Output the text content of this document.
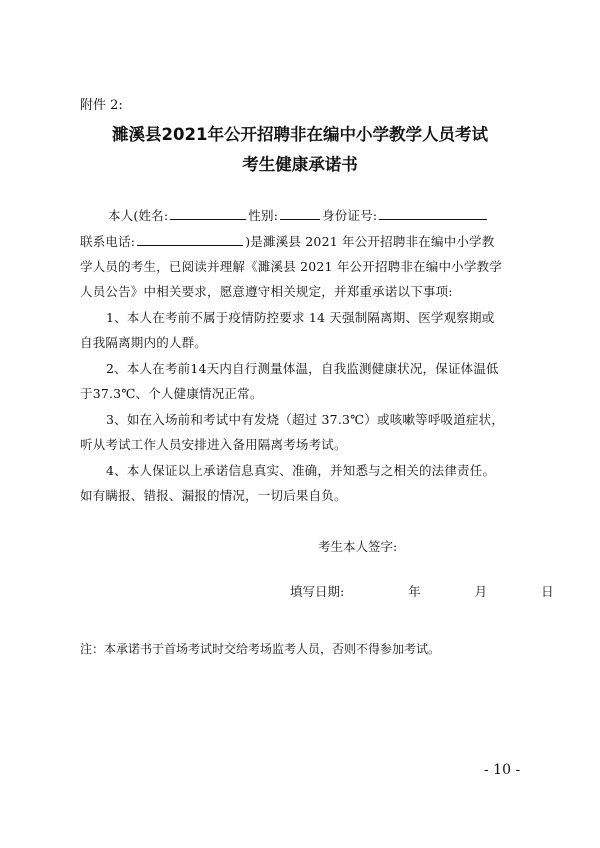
附件 2:
濉溪县2021年公开招聘非在编中小学教学人员考试
考生健康承诺书
本人(姓名:	性别:	身份证号:
联系电话:	)是濉溪县 2021 年公开招聘非在编中小学教
学人员的考生，已阅读并理解《濉溪县 2021 年公开招聘非在编中小学教学
人员公告》中相关要求，愿意遵守相关规定，并郑重承诺以下事项:
1、本人在考前不属于疫情防控要求 14 天强制隔离期、医学观察期或
自我隔离期内的人群。
2、本人在考前14天内自行测量体温，自我监测健康状况，保证体温低
于37.3℃、个人健康情况正常。
3、如在入场前和考试中有发烧（超过 37.3℃）或咳嗽等呼吸道症状，
听从考试工作人员安排进入备用隔离考场考试。
4、本人保证以上承诺信息真实、准确，并知悉与之相关的法律责任。
如有瞒报、错报、漏报的情况，一切后果自负。
考生本人签字:
填写日期:	年	月	日
注：本承诺书于首场考试时交给考场监考人员，否则不得参加考试。
- 10 -
